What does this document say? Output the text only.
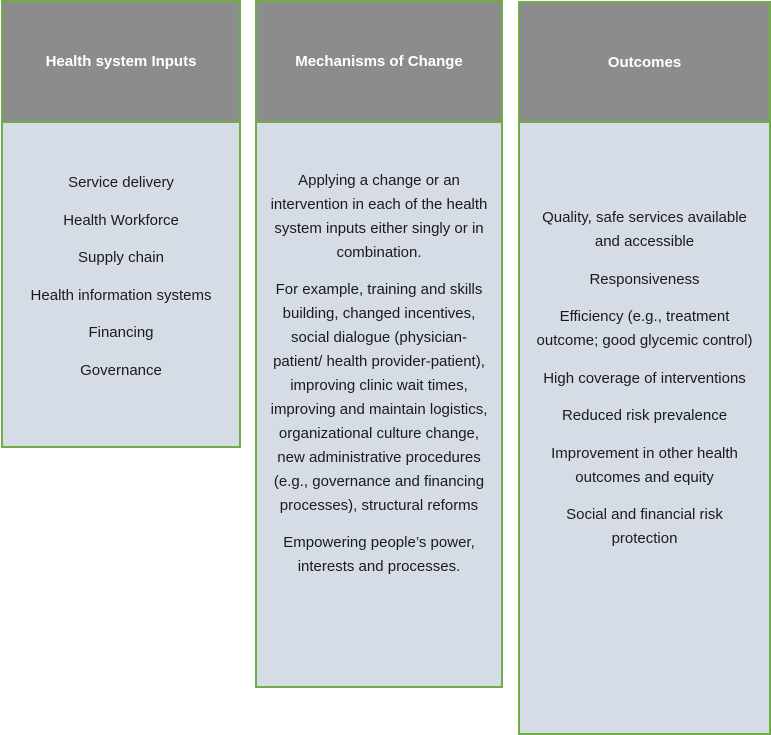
Health system Inputs

Service delivery

Health Workforce

Supply chain

Health information systems

Financing

Governance

Mechanisms of Change

Applying a change or an intervention in each of the health system inputs either singly or in combination.

For example, training and skills building, changed incentives, social dialogue (physician-patient/ health provider-patient), improving clinic wait times, improving and maintain logistics, organizational culture change, new administrative procedures (e.g., governance and financing processes), structural reforms

Empowering people’s power, interests and processes.

Outcomes

Quality, safe services available and accessible

Responsiveness

Efficiency (e.g., treatment outcome; good glycemic control)

High coverage of interventions

Reduced risk prevalence

Improvement in other health outcomes and equity

Social and financial risk protection
